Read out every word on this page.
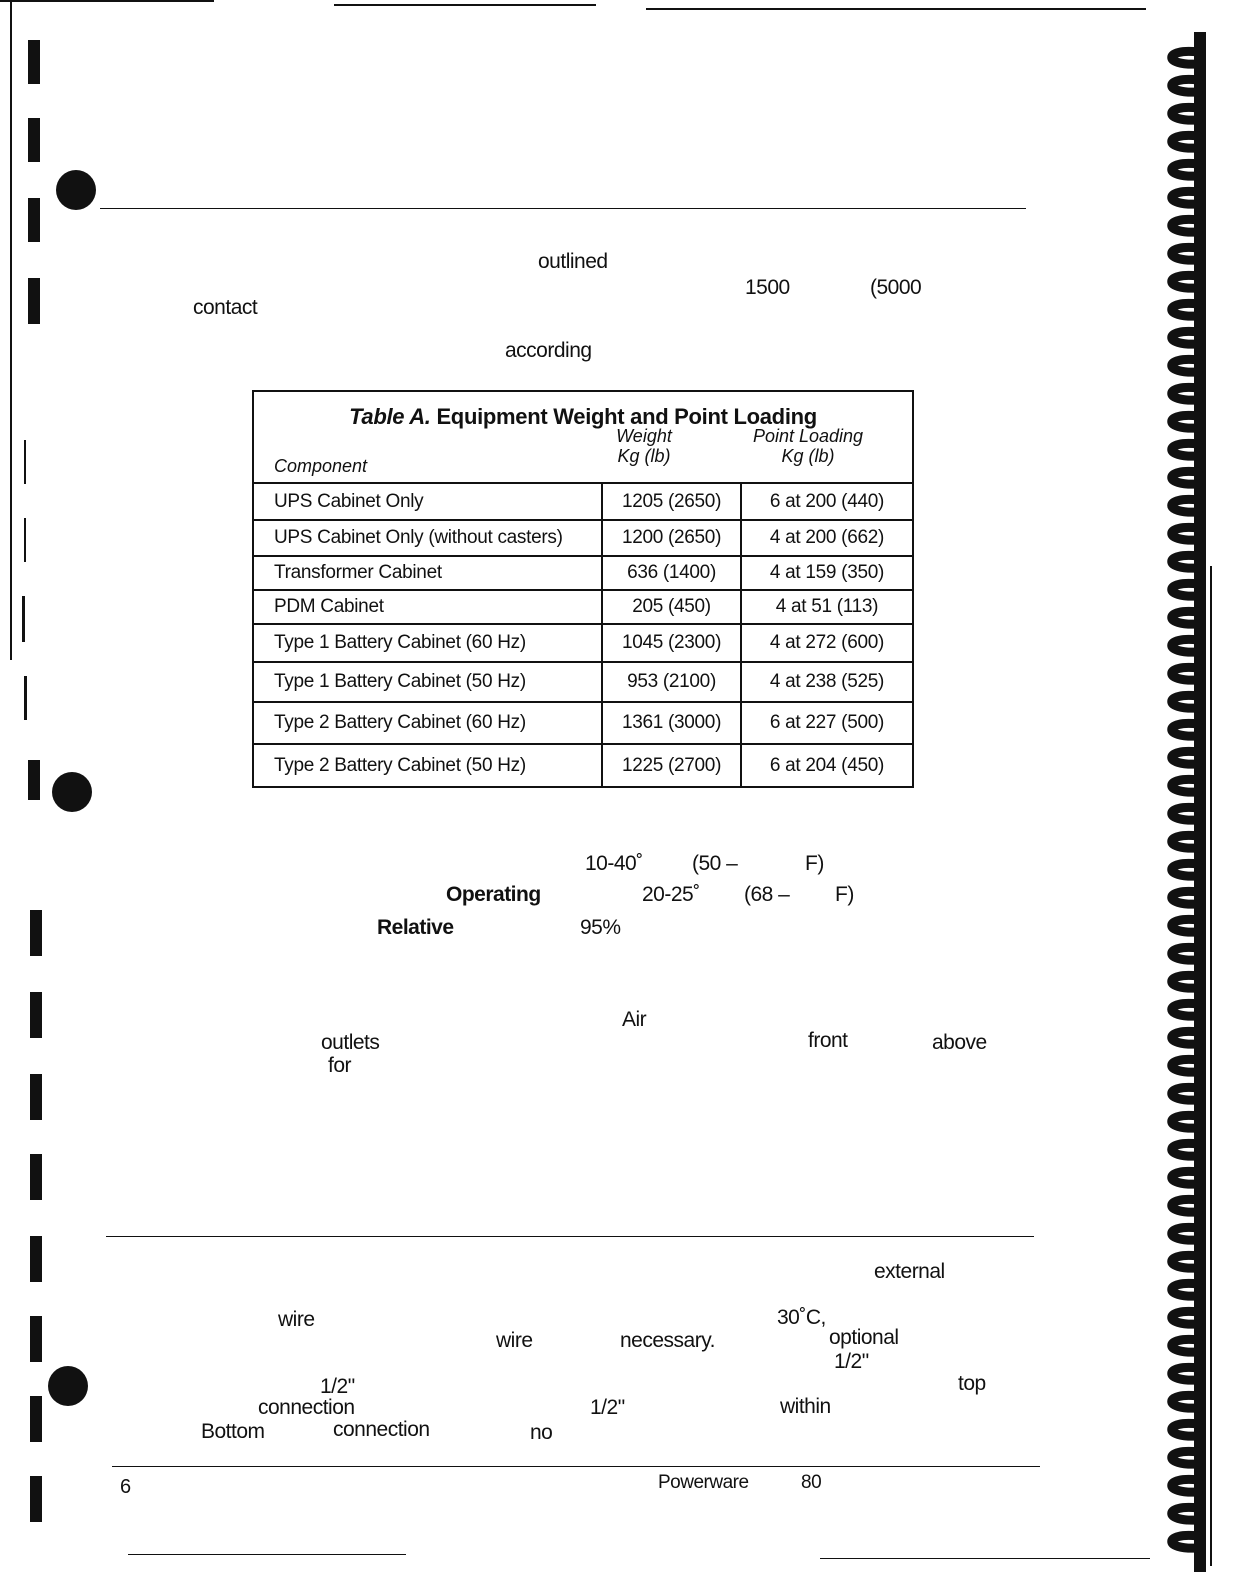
outlined
1500	(5000
contact
according
Table A. Equipment Weight and Point Loading
Component
Weight
Kg (lb)
Point Loading
Kg (lb)
UPS Cabinet Only	1205 (2650)	6 at 200 (440)
UPS Cabinet Only (without casters)	1200 (2650)	4 at 200 (662)
Transformer Cabinet	636 (1400)	4 at 159 (350)
PDM Cabinet	205 (450)	4 at 51 (113)
Type 1 Battery Cabinet (60 Hz)	1045 (2300)	4 at 272 (600)
Type 1 Battery Cabinet (50 Hz)	953 (2100)	4 at 238 (525)
Type 2 Battery Cabinet (60 Hz)	1361 (3000)	6 at 227 (500)
Type 2 Battery Cabinet (50 Hz)	1225 (2700)	6 at 204 (450)
10-40˚ (50 –	F)
Operating	20-25˚ (68 – F)
Relative	95%
Air
outlets	front	above
for
external
wire	30˚C,
wire	necessary.	optional
1/2"
1/2"	top
connection	1/2"	within
Bottom	connection	no
6	Powerware	80
